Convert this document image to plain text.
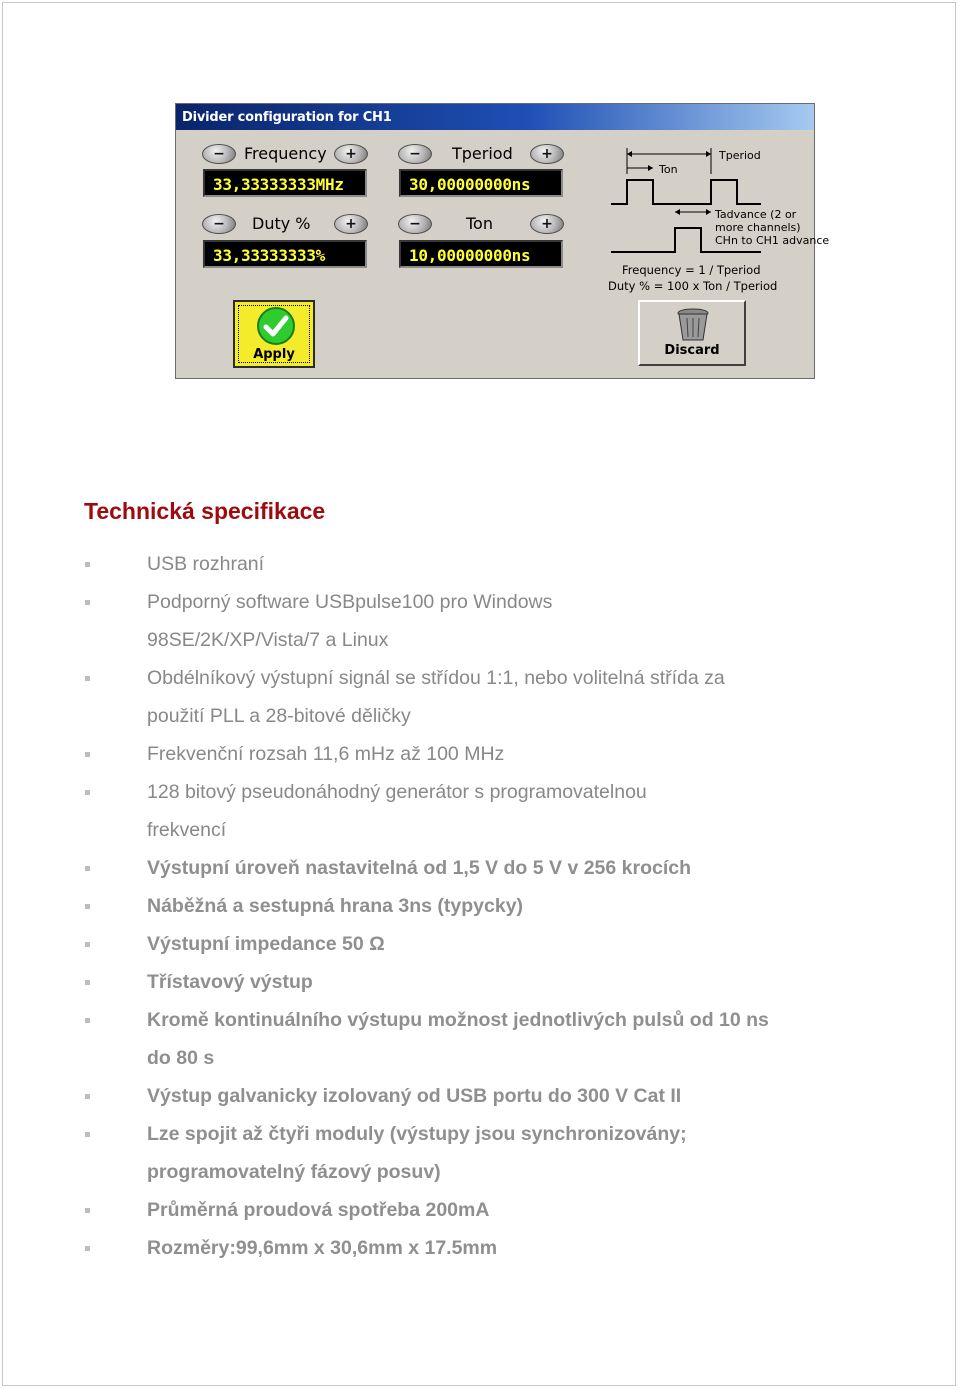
Divider configuration for CH1
−	Frequency	+
33,33333333MHz
−	Tperiod	+
30,00000000ns
−	Duty %	+
33,33333333%
−	Ton	+
10,00000000ns
Tperiod
Ton
Tadvance (2 or
more channels)
CHn to CH1 advance
Frequency = 1 / Tperiod
Duty % = 100 x Ton / Tperiod
Apply	Discard
Technická specifikace
USB rozhraní
Podporný software USBpulse100 pro Windows
98SE/2K/XP/Vista/7 a Linux
Obdélníkový výstupní signál se střídou 1:1, nebo volitelná střída za
použití PLL a 28-bitové děličky
Frekvenční rozsah 11,6 mHz až 100 MHz
128 bitový pseudonáhodný generátor s programovatelnou
frekvencí
Výstupní úroveň nastavitelná od 1,5 V do 5 V v 256 krocích
Náběžná a sestupná hrana 3ns (typycky)
Výstupní impedance 50 Ω
Třístavový výstup
Kromě kontinuálního výstupu možnost jednotlivých pulsů od 10 ns
do 80 s
Výstup galvanicky izolovaný od USB portu do 300 V Cat II
Lze spojit až čtyři moduly (výstupy jsou synchronizovány;
programovatelný fázový posuv)
Průměrná proudová spotřeba 200mA
Rozměry:99,6mm x 30,6mm x 17.5mm
